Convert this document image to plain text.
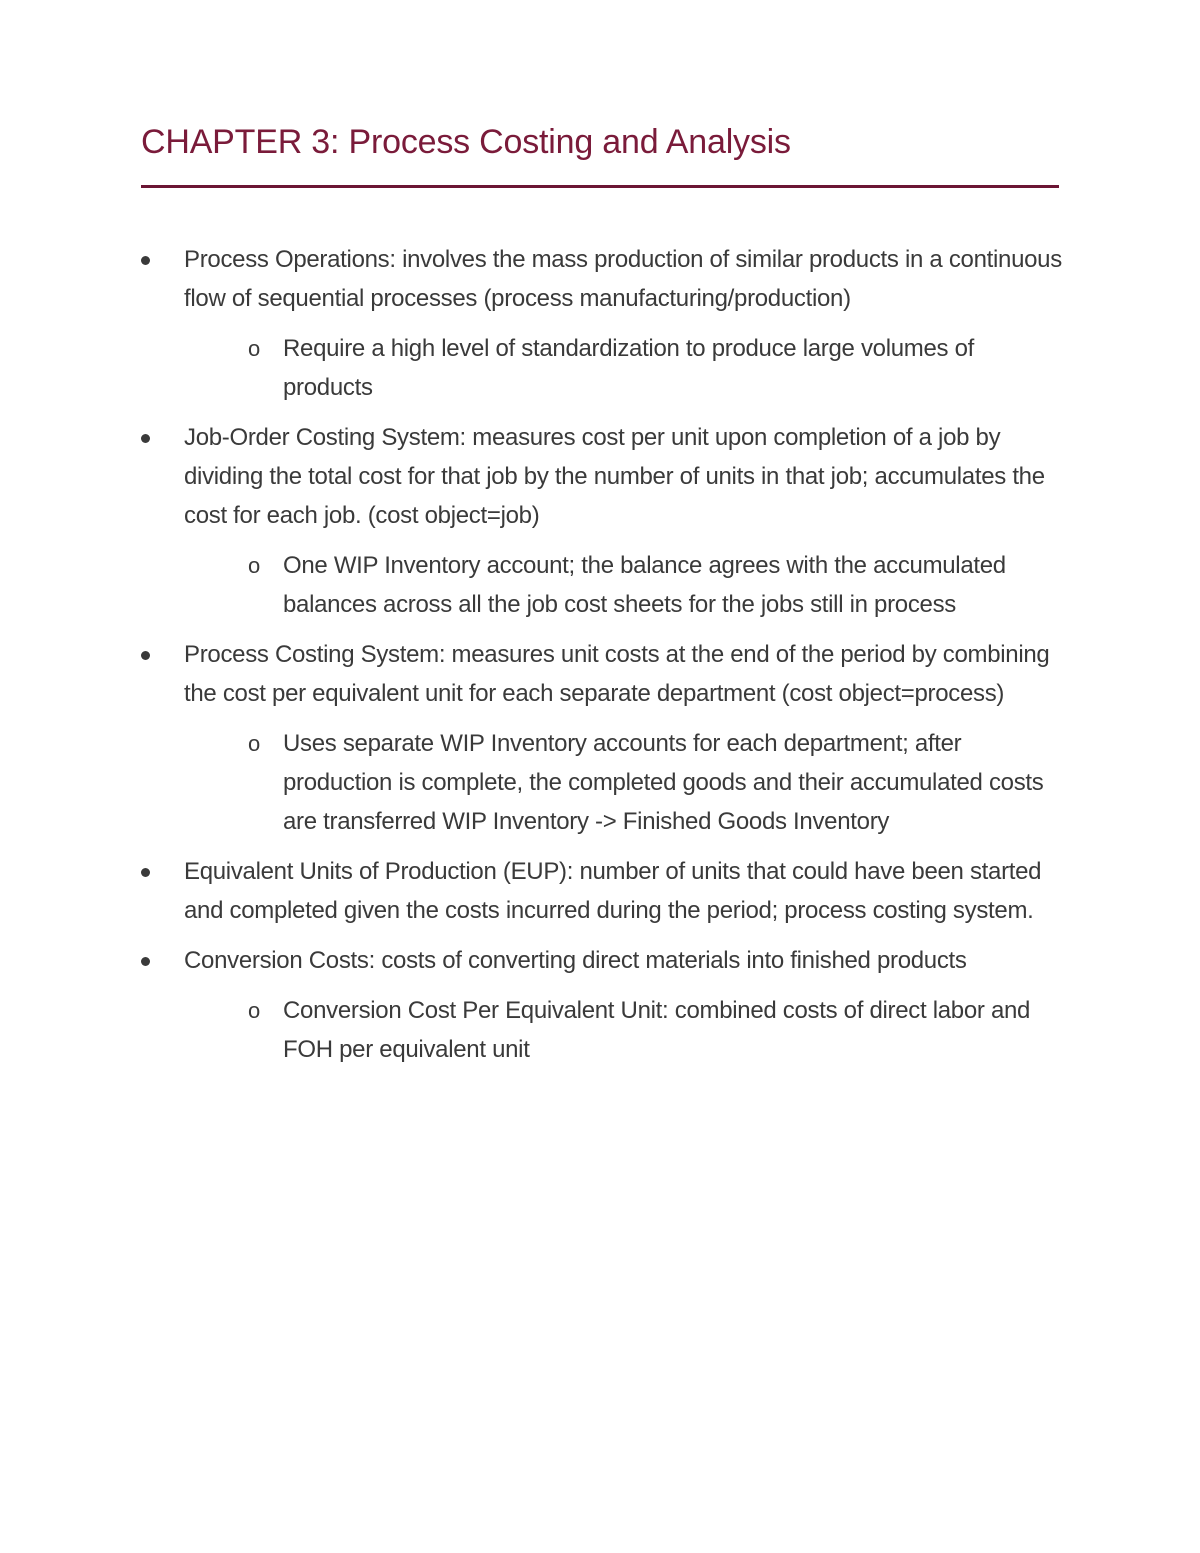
CHAPTER 3: Process Costing and Analysis
Process Operations: involves the mass production of similar products in a continuous flow of sequential processes (process manufacturing/production)
o Require a high level of standardization to produce large volumes of products
Job-Order Costing System: measures cost per unit upon completion of a job by dividing the total cost for that job by the number of units in that job; accumulates the cost for each job. (cost object=job)
o One WIP Inventory account; the balance agrees with the accumulated balances across all the job cost sheets for the jobs still in process
Process Costing System: measures unit costs at the end of the period by combining the cost per equivalent unit for each separate department (cost object=process)
o Uses separate WIP Inventory accounts for each department; after production is complete, the completed goods and their accumulated costs are transferred WIP Inventory -> Finished Goods Inventory
Equivalent Units of Production (EUP): number of units that could have been started and completed given the costs incurred during the period; process costing system.
Conversion Costs: costs of converting direct materials into finished products
o Conversion Cost Per Equivalent Unit: combined costs of direct labor and FOH per equivalent unit
